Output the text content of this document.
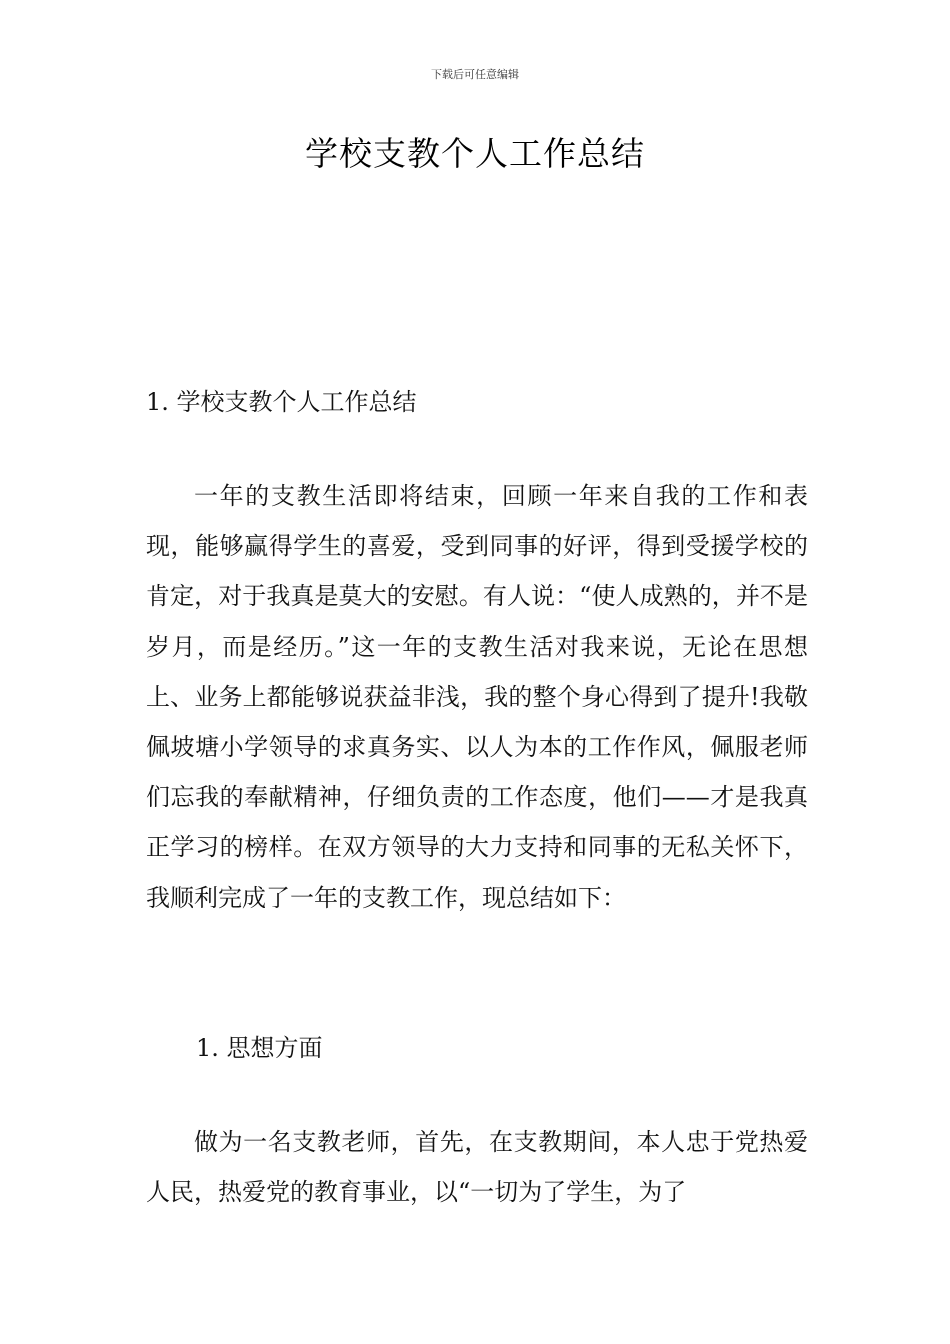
下载后可任意编辑
学校支教个人工作总结
1. 学校支教个人工作总结

一年的支教生活即将结束，回顾一年来自我的工作和表现，能够赢得学生的喜爱，受到同事的好评，得到受援学校的肯定，对于我真是莫大的安慰。有人说：“使人成熟的，并不是岁月，而是经历。”这一年的支教生活对我来说，无论在思想上、业务上都能够说获益非浅，我的整个身心得到了提升!我敬佩坡塘小学领导的求真务实、以人为本的工作作风，佩服老师们忘我的奉献精神，仔细负责的工作态度，他们——才是我真正学习的榜样。在双方领导的大力支持和同事的无私关怀下，我顺利完成了一年的支教工作，现总结如下：

1. 思想方面

做为一名支教老师，首先，在支教期间，本人忠于党热爱人民，热爱党的教育事业，以“一切为了学生，为了
